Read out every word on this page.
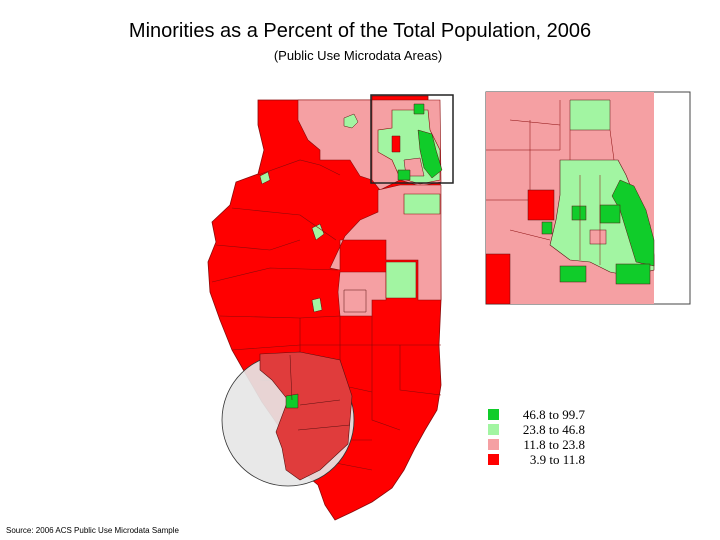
Minorities as a Percent of the Total Population, 2006
(Public Use Microdata Areas)
46.8 to 99.7
23.8 to 46.8
11.8 to 23.8
3.9 to 11.8
Source: 2006 ACS Public Use Microdata Sample
